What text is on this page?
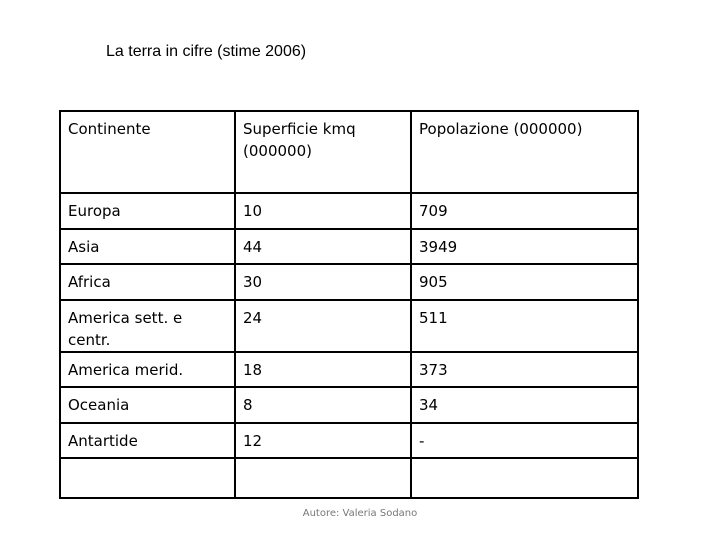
La terra in cifre (stime 2006)
Continente	Superficie kmq (000000)	Popolazione (000000)
Europa	10	709
Asia	44	3949
Africa	30	905
America sett. e centr.	24	511
America merid.	18	373
Oceania	8	34
Antartide	12	-

Autore: Valeria Sodano
